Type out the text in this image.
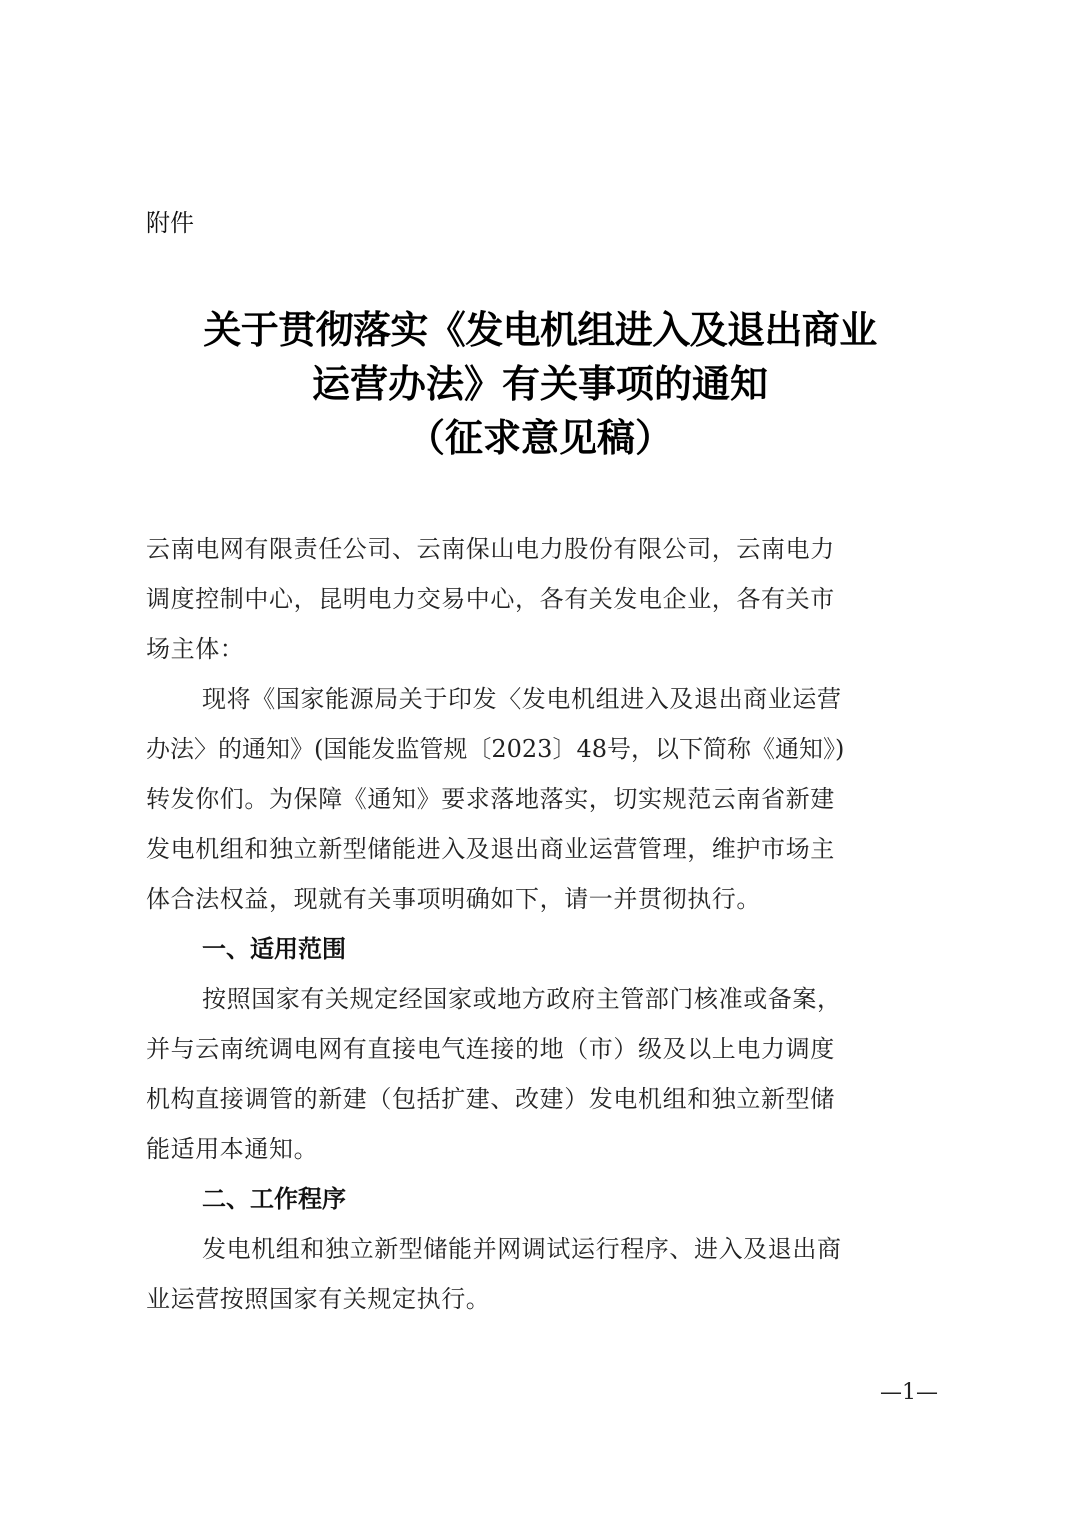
附件
关于贯彻落实《发电机组进入及退出商业
运营办法》有关事项的通知
（征求意见稿）
云南电网有限责任公司、云南保山电力股份有限公司，云南电力
调度控制中心，昆明电力交易中心，各有关发电企业，各有关市
场主体：
现将《国家能源局关于印发〈发电机组进入及退出商业运营
办法〉的通知》(国能发监管规〔2023〕48号，以下简称《通知》)
转发你们。为保障《通知》要求落地落实，切实规范云南省新建
发电机组和独立新型储能进入及退出商业运营管理，维护市场主
体合法权益，现就有关事项明确如下，请一并贯彻执行。
一、适用范围
按照国家有关规定经国家或地方政府主管部门核准或备案，
并与云南统调电网有直接电气连接的地（市）级及以上电力调度
机构直接调管的新建（包括扩建、改建）发电机组和独立新型储
能适用本通知。
二、工作程序
发电机组和独立新型储能并网调试运行程序、进入及退出商
业运营按照国家有关规定执行。
—1—
